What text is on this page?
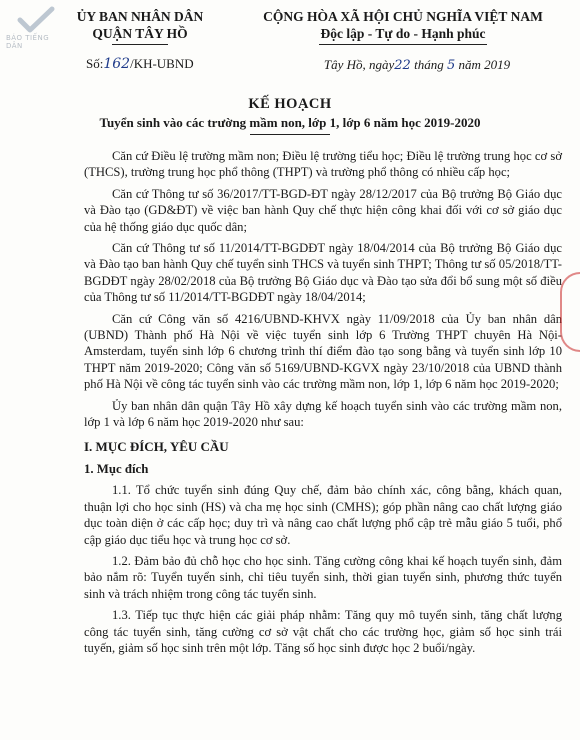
BÁO TIẾNG DÂN
ỦY BAN NHÂN DÂN
QUẬN TÂY HỒ
CỘNG HÒA XÃ HỘI CHỦ NGHĨA VIỆT NAM
Độc lập - Tự do - Hạnh phúc
Số:162/KH-UBND	Tây Hồ, ngày22 tháng 5 năm 2019
KẾ HOẠCH
Tuyển sinh vào các trường mầm non, lớp 1, lớp 6 năm học 2019-2020

Căn cứ Điều lệ trường mầm non; Điều lệ trường tiểu học; Điều lệ trường trung học cơ sở (THCS), trường trung học phổ thông (THPT) và trường phổ thông có nhiều cấp học;

Căn cứ Thông tư số 36/2017/TT-BGD-ĐT ngày 28/12/2017 của Bộ trưởng Bộ Giáo dục và Đào tạo (GD&ĐT) về việc ban hành Quy chế thực hiện công khai đối với cơ sở giáo dục của hệ thống giáo dục quốc dân;

Căn cứ Thông tư số 11/2014/TT-BGDĐT ngày 18/04/2014 của Bộ trưởng Bộ Giáo dục và Đào tạo ban hành Quy chế tuyển sinh THCS và tuyển sinh THPT; Thông tư số 05/2018/TT-BGDĐT ngày 28/02/2018 của Bộ trưởng Bộ Giáo dục và Đào tạo sửa đổi bổ sung một số điều của Thông tư số 11/2014/TT-BGDĐT ngày 18/04/2014;

Căn cứ Công văn số 4216/UBND-KHVX ngày 11/09/2018 của Ủy ban nhân dân (UBND) Thành phố Hà Nội về việc tuyển sinh lớp 6 Trường THPT chuyên Hà Nội-Amsterdam, tuyển sinh lớp 6 chương trình thí điểm đào tạo song bằng và tuyển sinh lớp 10 THPT năm 2019-2020; Công văn số 5169/UBND-KGVX ngày 23/10/2018 của UBND thành phố Hà Nội về công tác tuyển sinh vào các trường mầm non, lớp 1, lớp 6 năm học 2019-2020;

Ủy ban nhân dân quận Tây Hồ xây dựng kế hoạch tuyển sinh vào các trường mầm non, lớp 1 và lớp 6 năm học 2019-2020 như sau:

I. MỤC ĐÍCH, YÊU CẦU
1. Mục đích

1.1. Tổ chức tuyển sinh đúng Quy chế, đảm bảo chính xác, công bằng, khách quan, thuận lợi cho học sinh (HS) và cha mẹ học sinh (CMHS); góp phần nâng cao chất lượng giáo dục toàn diện ở các cấp học; duy trì và nâng cao chất lượng phổ cập trẻ mẫu giáo 5 tuổi, phổ cập giáo dục tiểu học và trung học cơ sở.

1.2. Đảm bảo đủ chỗ học cho học sinh. Tăng cường công khai kế hoạch tuyển sinh, đảm bảo nắm rõ: Tuyển tuyển sinh, chỉ tiêu tuyển sinh, thời gian tuyển sinh, phương thức tuyển sinh và trách nhiệm trong công tác tuyển sinh.

1.3. Tiếp tục thực hiện các giải pháp nhằm: Tăng quy mô tuyển sinh, tăng chất lượng công tác tuyển sinh, tăng cường cơ sở vật chất cho các trường học, giảm số học sinh trái tuyến, giảm số học sinh trên một lớp. Tăng số học sinh được học 2 buổi/ngày.
